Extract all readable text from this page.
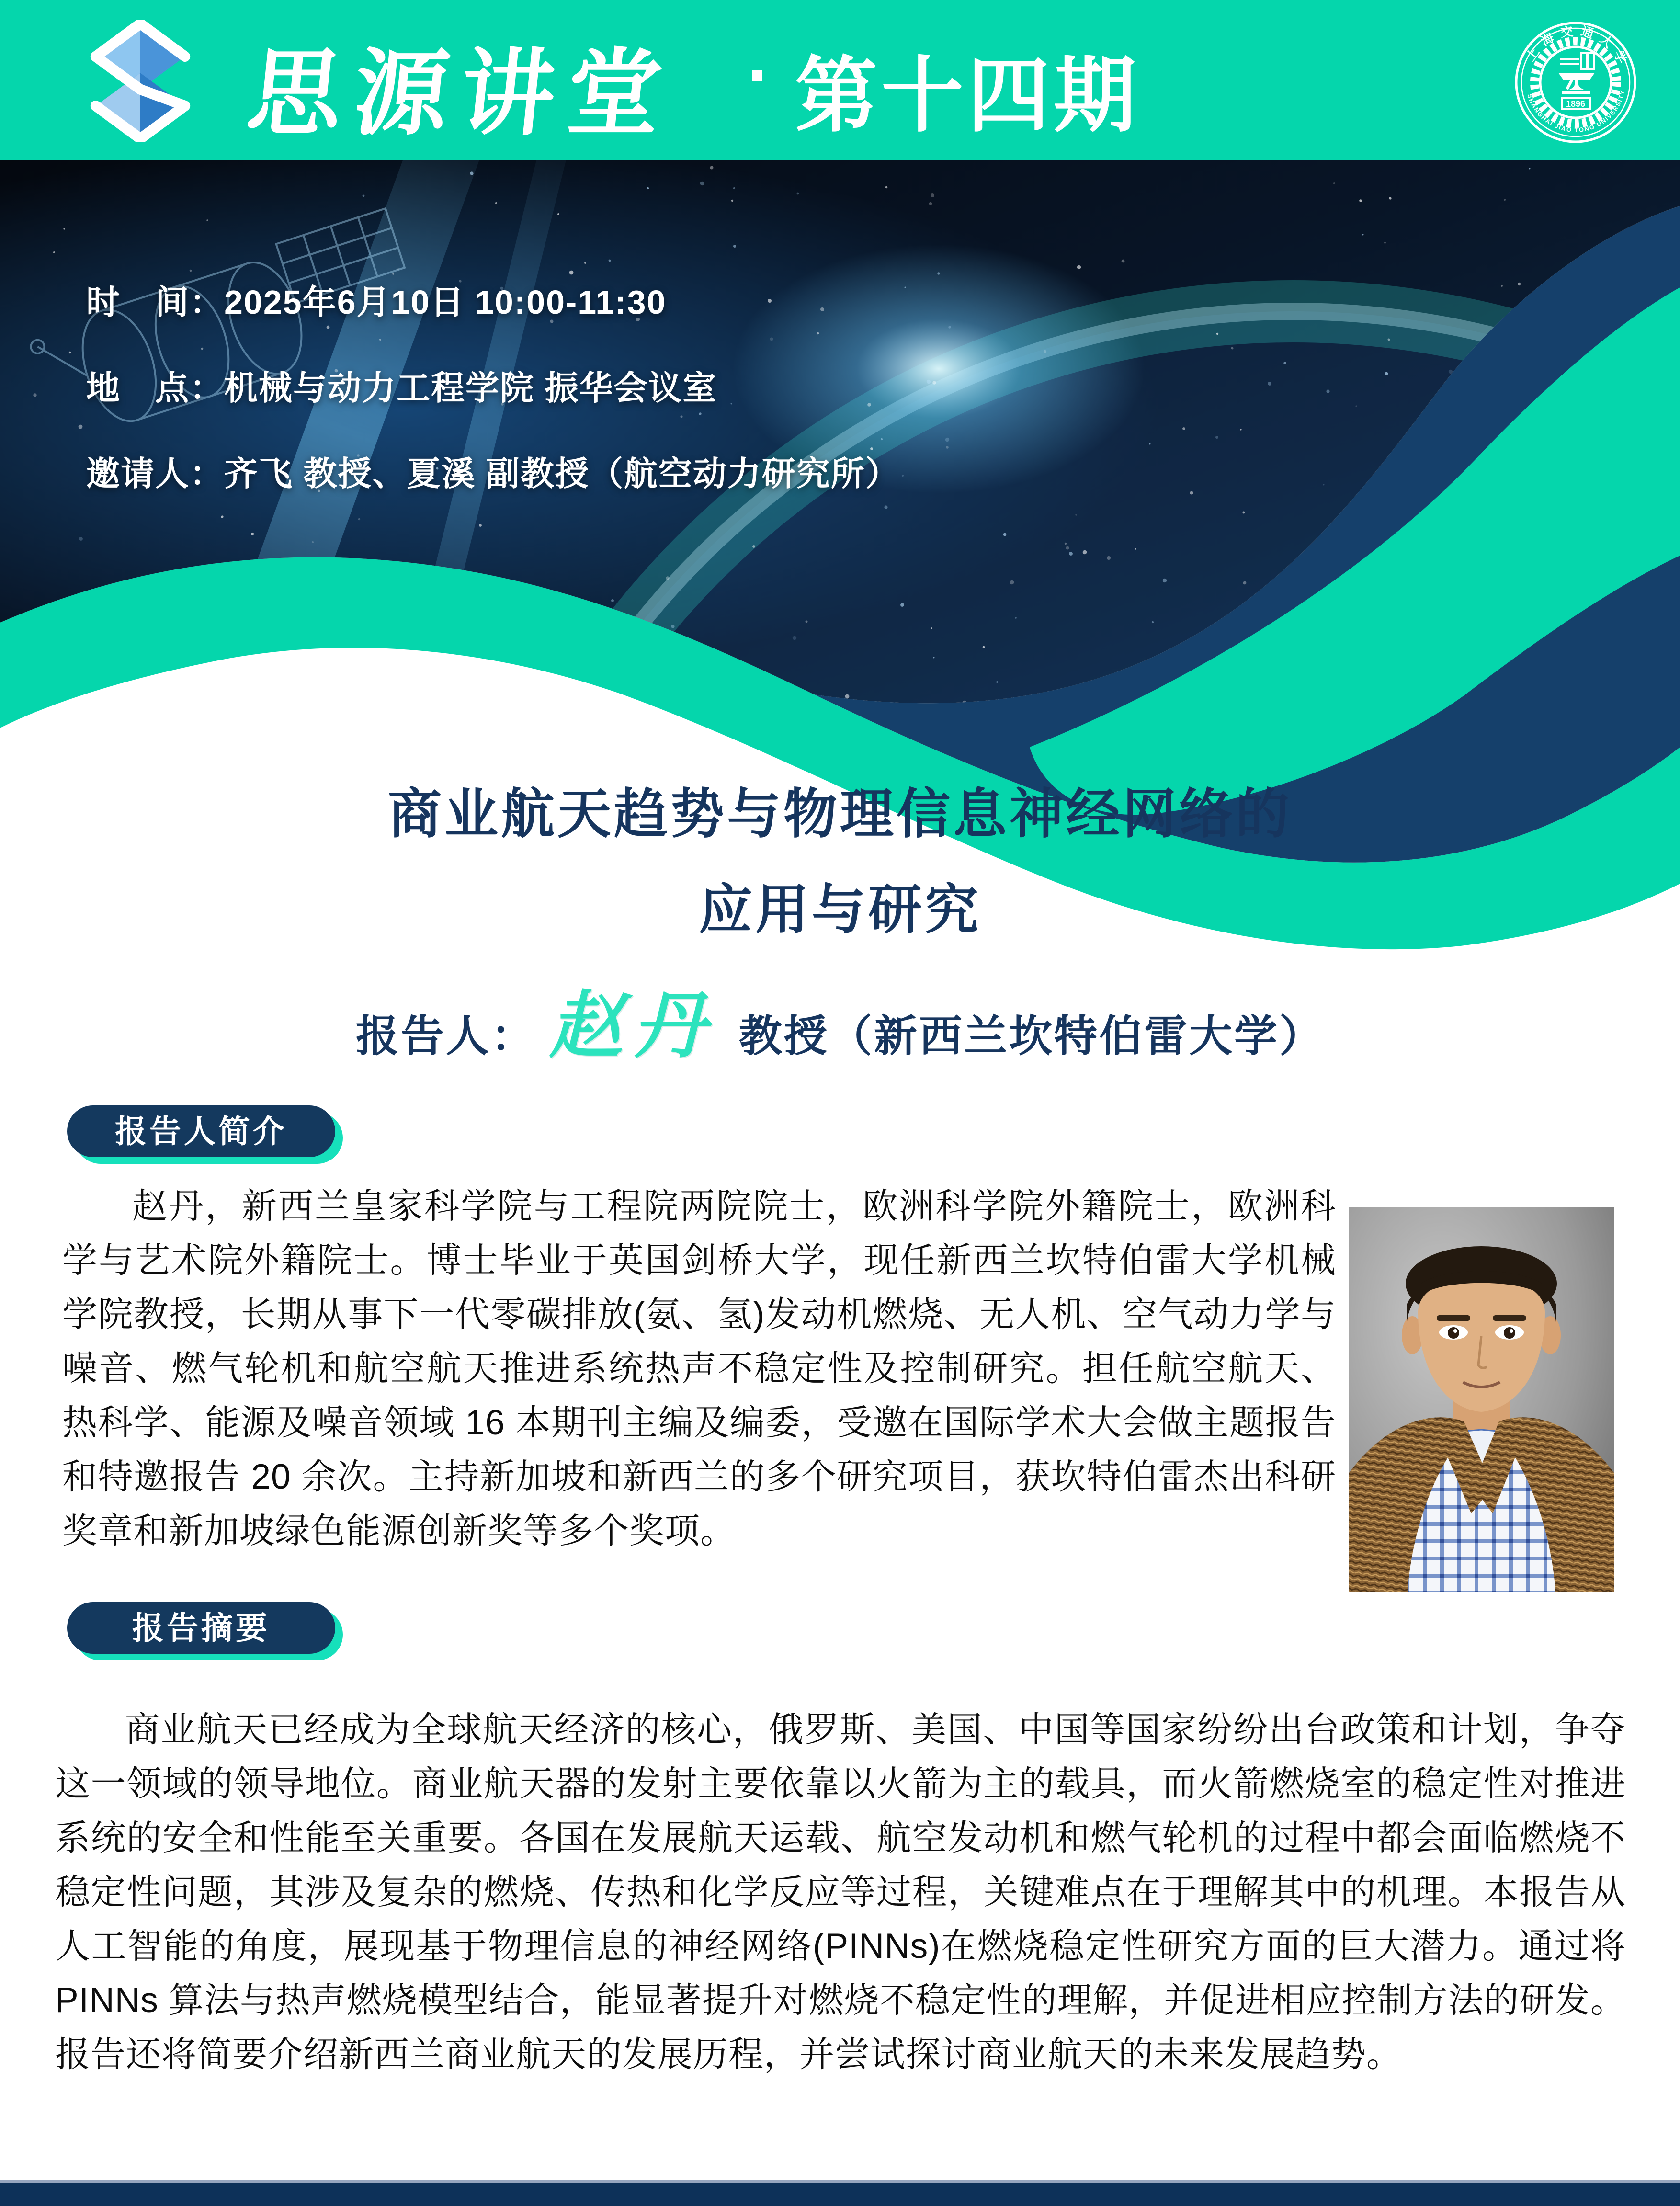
思源讲堂 · 第十四期	上海交通大学
SHANGHAI JIAO TONG UNIVERSITY
1896
时　间：2025年6月10日 10:00-11:30
地　点：机械与动力工程学院 振华会议室
邀请人：齐飞 教授、夏溪 副教授（航空动力研究所）
商业航天趋势与物理信息神经网络的
应用与研究
报告人： 赵丹 教授（新西兰坎特伯雷大学）
报告人简介
赵丹，新西兰皇家科学院与工程院两院院士，欧洲科学院外籍院士，欧洲科学与艺术院外籍院士。博士毕业于英国剑桥大学，现任新西兰坎特伯雷大学机械学院教授，长期从事下一代零碳排放(氨、氢)发动机燃烧、无人机、空气动力学与噪音、燃气轮机和航空航天推进系统热声不稳定性及控制研究。担任航空航天、热科学、能源及噪音领域 16 本期刊主编及编委，受邀在国际学术大会做主题报告和特邀报告 20 余次。主持新加坡和新西兰的多个研究项目，获坎特伯雷杰出科研奖章和新加坡绿色能源创新奖等多个奖项。
报告摘要
商业航天已经成为全球航天经济的核心，俄罗斯、美国、中国等国家纷纷出台政策和计划，争夺这一领域的领导地位。商业航天器的发射主要依靠以火箭为主的载具，而火箭燃烧室的稳定性对推进系统的安全和性能至关重要。各国在发展航天运载、航空发动机和燃气轮机的过程中都会面临燃烧不稳定性问题，其涉及复杂的燃烧、传热和化学反应等过程，关键难点在于理解其中的机理。本报告从人工智能的角度，展现基于物理信息的神经网络(PINNs)在燃烧稳定性研究方面的巨大潜力。通过将 PINNs 算法与热声燃烧模型结合，能显著提升对燃烧不稳定性的理解，并促进相应控制方法的研发。报告还将简要介绍新西兰商业航天的发展历程，并尝试探讨商业航天的未来发展趋势。
